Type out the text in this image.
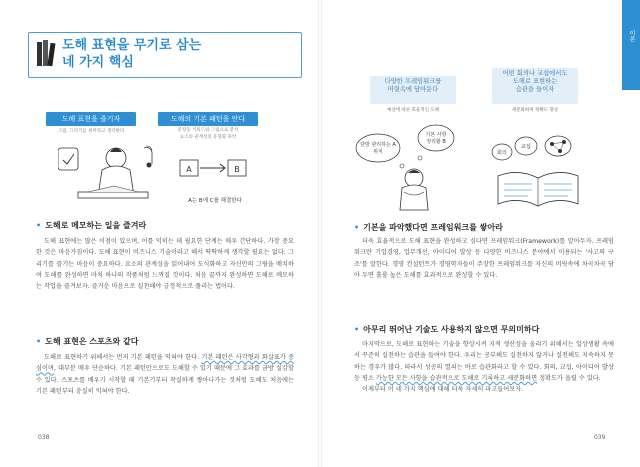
도해 표현을 무기로 삼는
네 가지 핵심
도해 표현을 즐기자
그림, 그리기를 취미라고 생각한다
도해의 기본 패턴을 안다
문장을 키워드와 그림으로 분석
요소의 관계성의 유형화 파악
A	B
A는 B에 C를 해결한다
• 도해로 메모하는 일을 즐겨라

도해 표현에는 많은 이점이 있으며, 이를 익히는 데 필요한 단계는 매우 간단하다. 가장 중요한 것은 마음가짐이다. 도해 표현이 비즈니스 기술이라고 해서 딱딱하게 생각할 필요는 없다. 그리기를 즐기는 마음이 중요하다. 요소의 관계성을 읽어내어 도식화하고 자신만의 그림을 배치하여 도해를 완성하면 마치 하나의 작품처럼 느껴질 것이다. 처음 끝까지 완성하면 도해로 메모하는 작업을 즐겨보자. 즐거운 마음으로 실천해야 긍정적으로 풀리는 법이다.

• 도해 표현은 스포츠와 같다

도해로 표현하기 위해서는 먼저 기본 패턴을 익혀야 한다. 기본 패턴은 사각형과 화살표가 중심이며, 대부분 매우 단순하다. 기본 패턴만으로도 도해할 수 있기 때문에 그 효과를 금방 실감할 수 있다. 스포츠를 배우기 시작할 때 기본기부터 착실하게 쌓아나가는 것처럼 도해도 처음에는 기본 패턴부터 충실히 익혀야 한다.

038
이론
다양한 프레임워크를
머릿속에 담아둔다
예상에 따른 효율적인 도해
어떤 회의나 교섭에서도
도해로 표현하는
습관을 들이자
세분화하며 정확도 향상
단방 관리하는 A
위치
기본 사항
정리할 B
회의
교섭
• 기본을 파악했다면 프레임워크를 쌓아라

더욱 효율적으로 도해 표현을 완성하고 싶다면 프레임워크(Framework)를 알아두자. 프레임워크란 기업경영, 업무개선, 아이디어 발상 등 다양한 비즈니스 분야에서 이용되는 '사고의 구조'를 말한다. 경영 컨설턴트가 경영학자들이 주장한 프레임워크를 자신의 머릿속에 차곡차곡 담아 두면 훌륭 높은 도해를 효과적으로 완성할 수 있다.

• 아무리 뛰어난 기술도 사용하지 않으면 무의미하다

마지막으로, 도해로 표현하는 기술을 향상시켜 지적 생산성을 올리기 위해서는 일상생활 속에서 꾸준히 실천하는 습관을 들여야 한다. 우리는 공부해도 실천하지 않거나 실천해도 지속하지 못하는 경우가 많다. 따라서 성공의 열쇠는 바로 습관화라고 할 수 있다. 회의, 교섭, 아이디어 발상 등 평소 가능한 모든 사항을 습관적으로 도해로 기록하고 세분화하면 정확도가 올릴 수 있다.

이제부터 이 네 가지 핵심에 대해 더욱 자세히 파고들어보자.

039
